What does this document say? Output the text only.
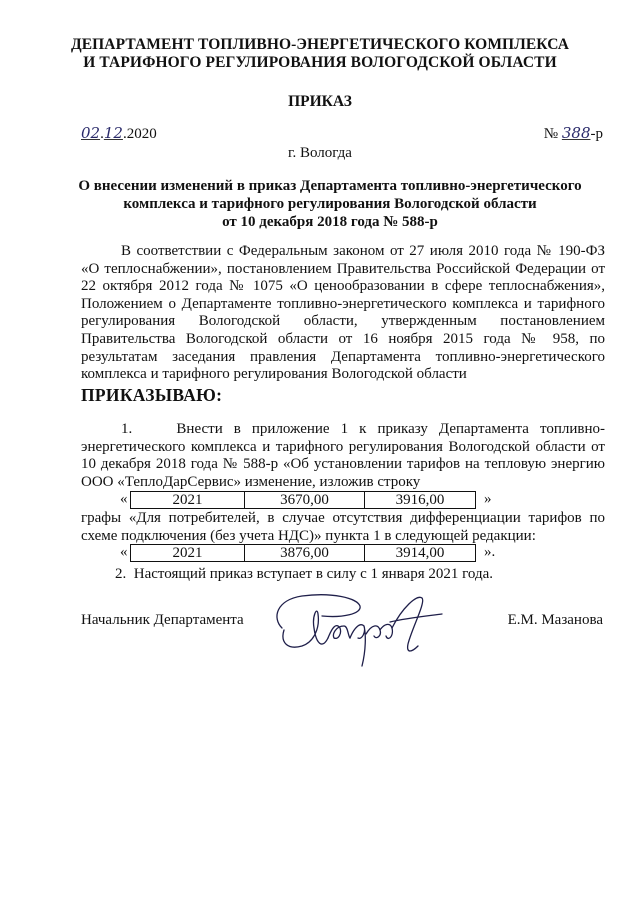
ДЕПАРТАМЕНТ ТОПЛИВНО-ЭНЕРГЕТИЧЕСКОГО КОМПЛЕКСА
И ТАРИФНОГО РЕГУЛИРОВАНИЯ ВОЛОГОДСКОЙ ОБЛАСТИ
ПРИКАЗ
02.12.2020	№ 388-р
г. Вологда
О внесении изменений в приказ Департамента топливно-энергетического
комплекса и тарифного регулирования Вологодской области
от 10 декабря 2018 года № 588-р
В соответствии с Федеральным законом от 27 июля 2010 года № 190-ФЗ «О теплоснабжении», постановлением Правительства Российской Федерации от 22 октября 2012 года № 1075 «О ценообразовании в сфере теплоснабжения», Положением о Департаменте топливно-энергетического комплекса и тарифного регулирования Вологодской области, утвержденным постановлением Правительства Вологодской области от 16 ноября 2015 года № 958, по результатам заседания правления Департамента топливно-энергетического комплекса и тарифного регулирования Вологодской области
ПРИКАЗЫВАЮ:
1.    Внести в приложение 1 к приказу Департамента топливно-энергетического комплекса и тарифного регулирования Вологодской области от 10 декабря 2018 года № 588-р «Об установлении тарифов на тепловую энергию ООО «ТеплоДарСервис» изменение, изложив строку
«	2021	3670,00	3916,00	»
графы «Для потребителей, в случае отсутствия дифференциации тарифов по схеме подключения (без учета НДС)» пункта 1 в следующей редакции:
«	2021	3876,00	3914,00	».
2.  Настоящий приказ вступает в силу с 1 января 2021 года.
Начальник Департамента	Е.М. Мазанова
